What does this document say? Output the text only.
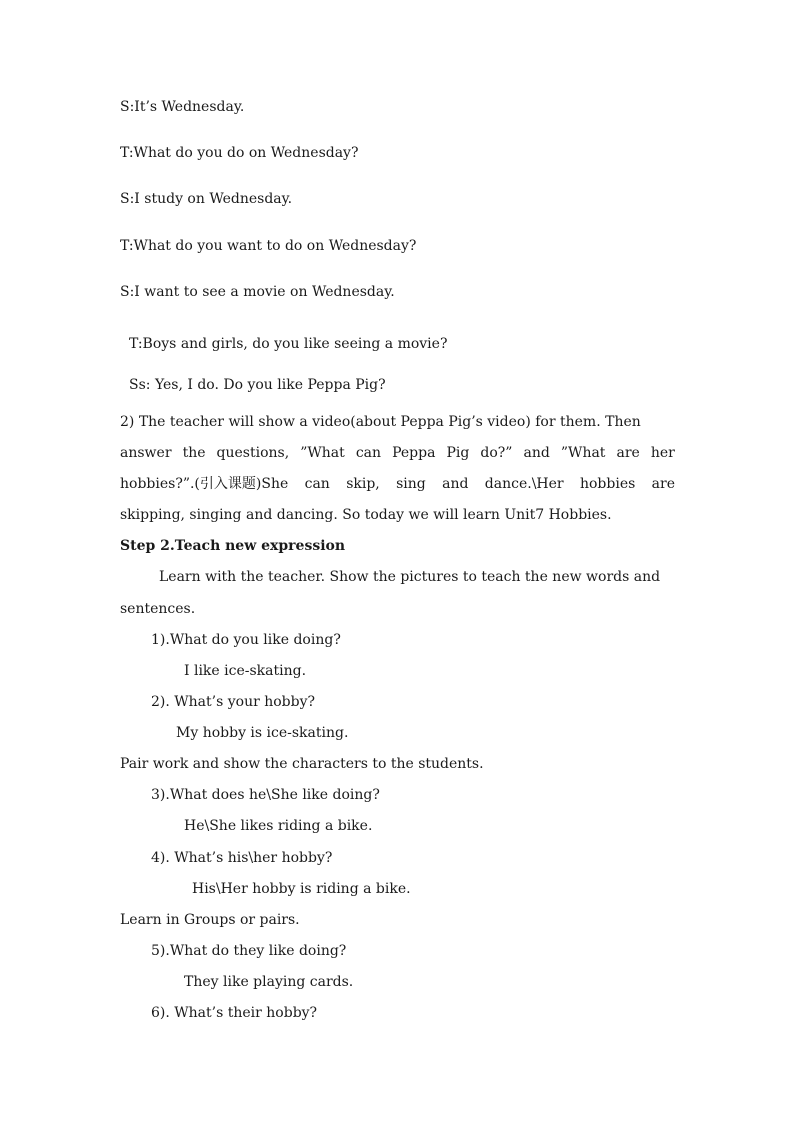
S:It’s Wednesday.
T:What do you do on Wednesday?
S:I study on Wednesday.
T:What do you want to do on Wednesday?
S:I want to see a movie on Wednesday.
T:Boys and girls, do you like seeing a movie?
Ss: Yes, I do. Do you like Peppa Pig?
2) The teacher will show a video(about Peppa Pig’s video) for them. Then
answer the questions, ”What can Peppa Pig do?” and ”What are her
hobbies?”.(引入课题)She can skip, sing and dance.\Her hobbies are
skipping, singing and dancing. So today we will learn Unit7 Hobbies.
Step 2.Teach new expression
Learn with the teacher. Show the pictures to teach the new words and
sentences.
1).What do you like doing?
I like ice-skating.
2). What’s your hobby?
My hobby is ice-skating.
Pair work and show the characters to the students.
3).What does he\She like doing?
He\She likes riding a bike.
4). What’s his\her hobby?
His\Her hobby is riding a bike.
Learn in Groups or pairs.
5).What do they like doing?
They like playing cards.
6). What’s their hobby?
